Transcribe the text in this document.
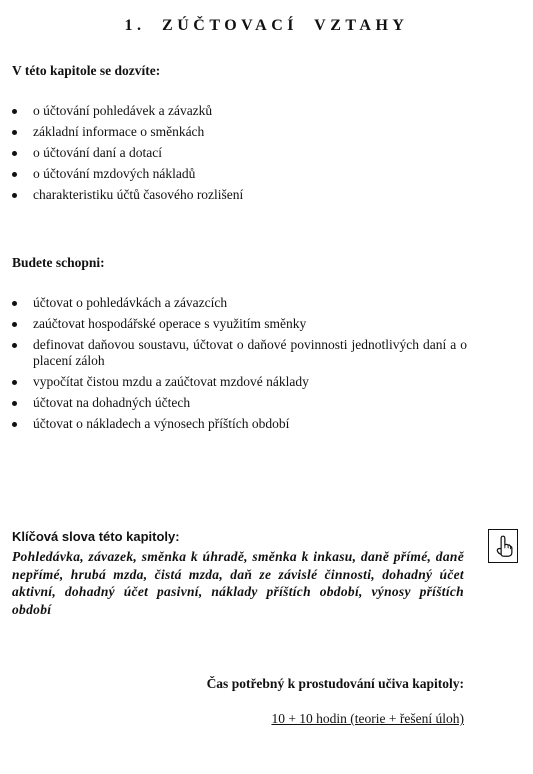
1. ZÚČTOVACÍ VZTAHY
V této kapitole se dozvíte:
o účtování pohledávek a závazků
základní informace o směnkách
o účtování daní a dotací
o účtování mzdových nákladů
charakteristiku účtů časového rozlišení
Budete schopni:
účtovat o pohledávkách a závazcích
zaúčtovat hospodářské operace s využitím směnky
definovat daňovou soustavu, účtovat o daňové povinnosti jednotlivých daní a o placení záloh
vypočítat čistou mzdu a zaúčtovat mzdové náklady
účtovat na dohadných účtech
účtovat o nákladech a výnosech příštích období
Klíčová slova této kapitoly:
Pohledávka, závazek, směnka k úhradě, směnka k inkasu, daně přímé, daně nepřímé, hrubá mzda, čistá mzda, daň ze závislé činnosti, dohadný účet aktivní, dohadný účet pasivní, náklady příštích období, výnosy příštích období
Čas potřebný k prostudování učiva kapitoly:
10 + 10 hodin (teorie + řešení úloh)
